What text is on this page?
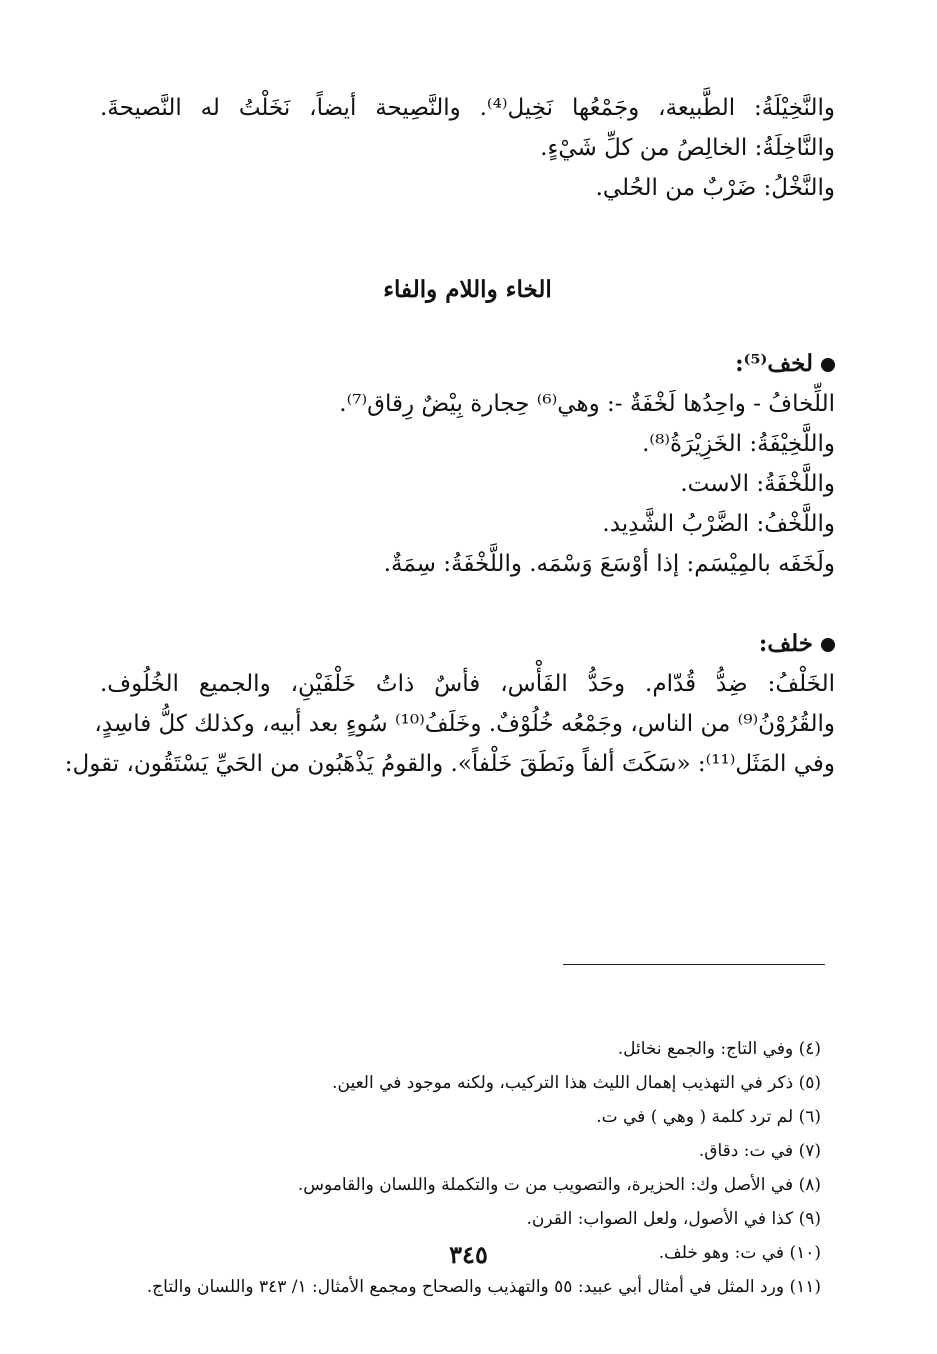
والنَّخِيْلَةُ: الطَّبيعة، وجَمْعُها نَخِيل⁽⁴⁾. والنَّصِيحة أيضاً، نَخَلْتُ له النَّصيحةَ.
والنَّاخِلَةُ: الخالِصُ من كلِّ شَيْءٍ.
والنَّخْلُ: ضَرْبٌ من الحُلي.
الخاء واللام والفاء
لخف⁽⁵⁾:
اللِّخافُ - واحِدُها لَخْفَةٌ -: وهي⁽⁶⁾ حِجارة بِيْضٌ رِقاق⁽⁷⁾.
واللَّخِيْفَةُ: الخَزِيْرَةُ⁽⁸⁾.
واللَّخْفَةُ: الاست.
واللَّخْفُ: الضَّرْبُ الشَّدِيد.
ولَخَفَه بالمِيْسَم: إذا أوْسَعَ وَسْمَه. واللَّخْفَةُ: سِمَةٌ.
خلف:
الخَلْفُ: ضِدُّ قُدّام. وحَدُّ الفَأْس، فأسٌ ذاتُ خَلْفَيْنِ، والجميع الخُلُوف.
والقُرُوْنُ⁽⁹⁾ من الناس، وجَمْعُه خُلُوْفٌ. وخَلَفُ⁽¹⁰⁾ سُوءٍ بعد أبيه، وكذلك كلُّ فاسِدٍ،
وفي المَثَل⁽¹¹⁾: «سَكَتَ ألفاً ونَطَقَ خَلْفاً». والقومُ يَذْهَبُون من الحَيِّ يَسْتَقُون، تقول:
(٤) وفي التاج: والجمع نخائل.
(٥) ذكر في التهذيب إهمال الليث هذا التركيب، ولكنه موجود في العين.
(٦) لم ترد كلمة ( وهي ) في ت.
(٧) في ت: دقاق.
(٨) في الأصل وك: الحزيرة، والتصويب من ت والتكملة واللسان والقاموس.
(٩) كذا في الأصول، ولعل الصواب: القرن.
(١٠) في ت: وهو خلف.
(١١) ورد المثل في أمثال أبي عبيد: ٥٥ والتهذيب والصحاح ومجمع الأمثال: ١/ ٣٤٣ واللسان والتاج.
٣٤٥
